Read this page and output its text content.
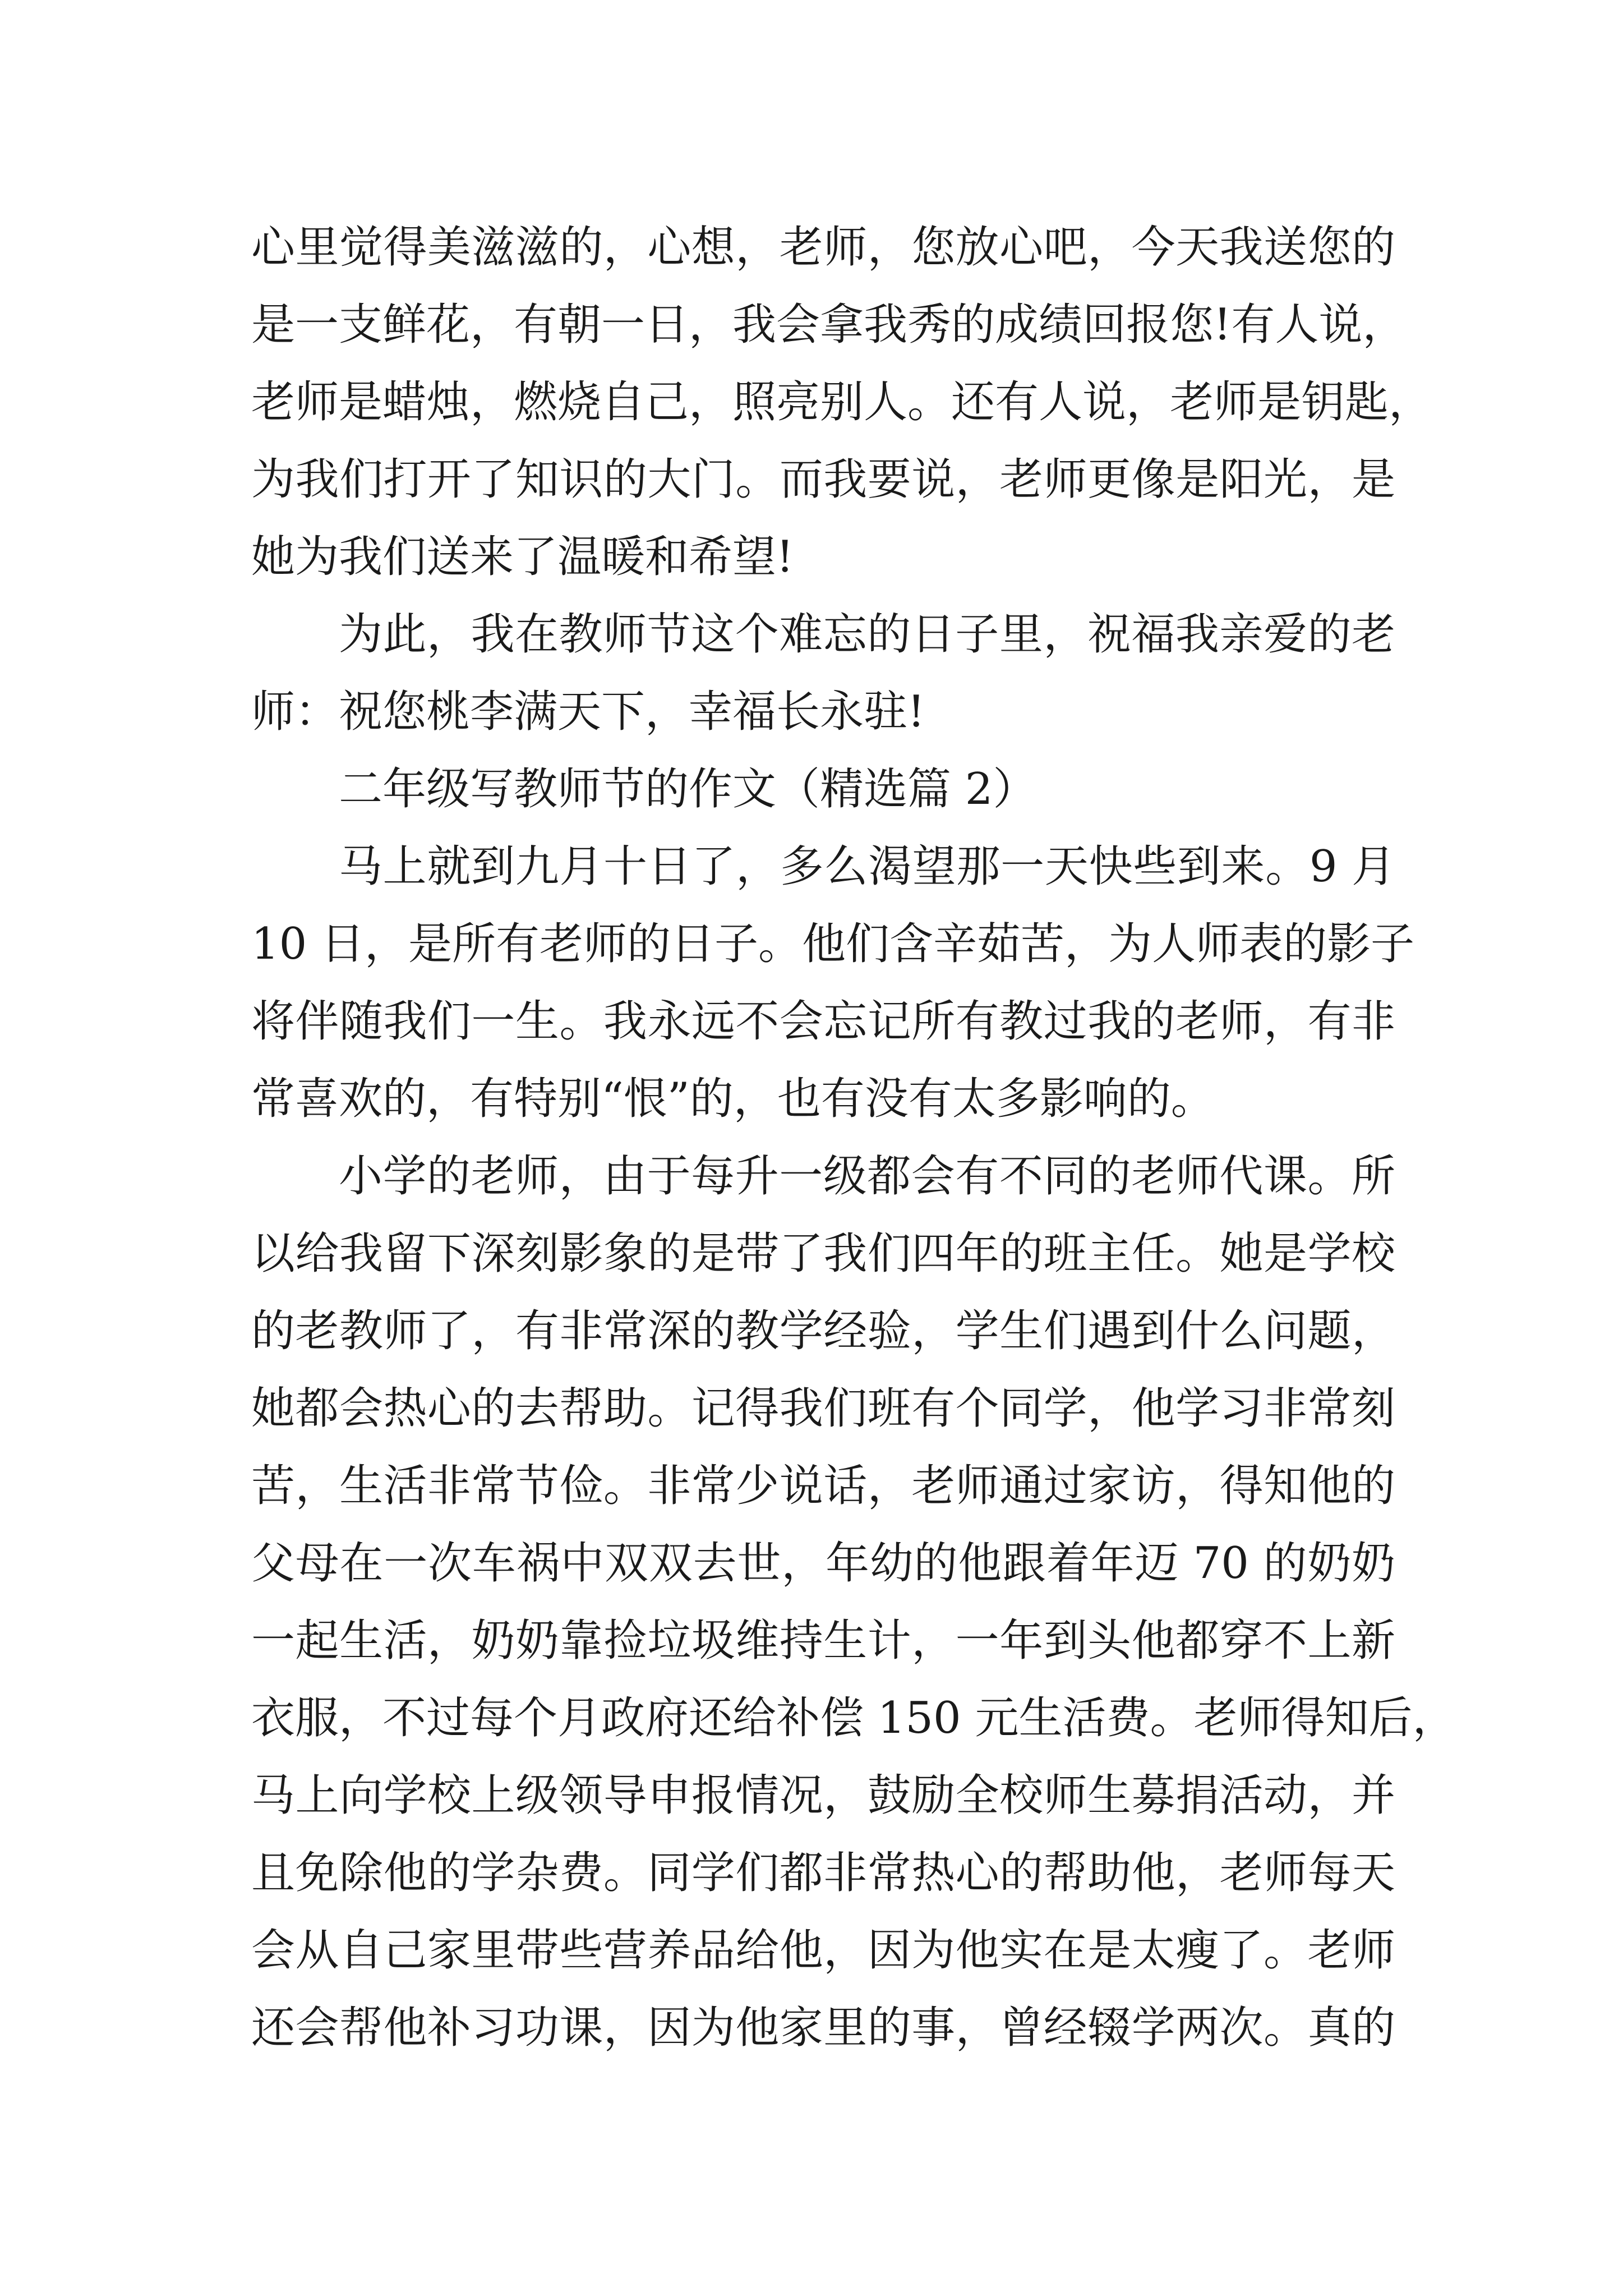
心里觉得美滋滋的，心想，老师，您放心吧，今天我送您的
是一支鲜花，有朝一日，我会拿我秀的成绩回报您!有人说，
老师是蜡烛，燃烧自己，照亮别人。还有人说，老师是钥匙，
为我们打开了知识的大门。而我要说，老师更像是阳光，是
她为我们送来了温暖和希望!
为此，我在教师节这个难忘的日子里，祝福我亲爱的老
师：祝您桃李满天下，幸福长永驻!
二年级写教师节的作文（精选篇 2）
马上就到九月十日了，多么渴望那一天快些到来。9 月
10 日，是所有老师的日子。他们含辛茹苦，为人师表的影子
将伴随我们一生。我永远不会忘记所有教过我的老师，有非
常喜欢的，有特别“恨”的，也有没有太多影响的。
小学的老师，由于每升一级都会有不同的老师代课。所
以给我留下深刻影象的是带了我们四年的班主任。她是学校
的老教师了，有非常深的教学经验，学生们遇到什么问题，
她都会热心的去帮助。记得我们班有个同学，他学习非常刻
苦，生活非常节俭。非常少说话，老师通过家访，得知他的
父母在一次车祸中双双去世，年幼的他跟着年迈 70 的奶奶
一起生活，奶奶靠捡垃圾维持生计，一年到头他都穿不上新
衣服，不过每个月政府还给补偿 150 元生活费。老师得知后，
马上向学校上级领导申报情况，鼓励全校师生募捐活动，并
且免除他的学杂费。同学们都非常热心的帮助他，老师每天
会从自己家里带些营养品给他，因为他实在是太瘦了。老师
还会帮他补习功课，因为他家里的事，曾经辍学两次。真的
